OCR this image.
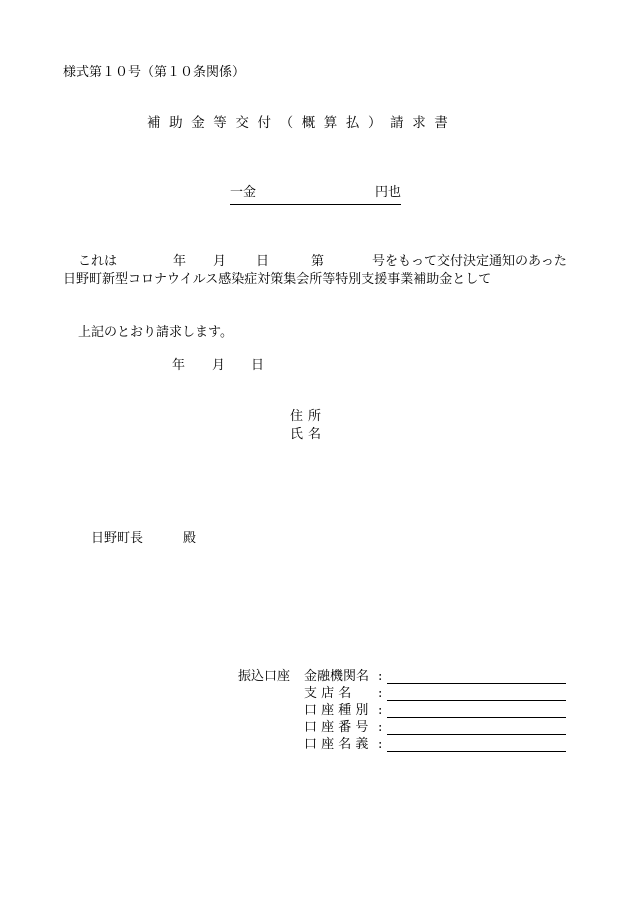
様式第１０号（第１０条関係）
補助金等交付（概算払）請求書
一金	円也
これは	年 月 日	第	号をもって交付決定通知のあった
日野町新型コロナウイルス感染症対策集会所等特別支援事業補助金として
上記のとおり請求します。
年 月 日
住所
氏名
日野町長	殿
振込口座 金融機関名 :
支 店 名 :
口 座 種 別 :
口 座 番 号 :
口 座 名 義 :
